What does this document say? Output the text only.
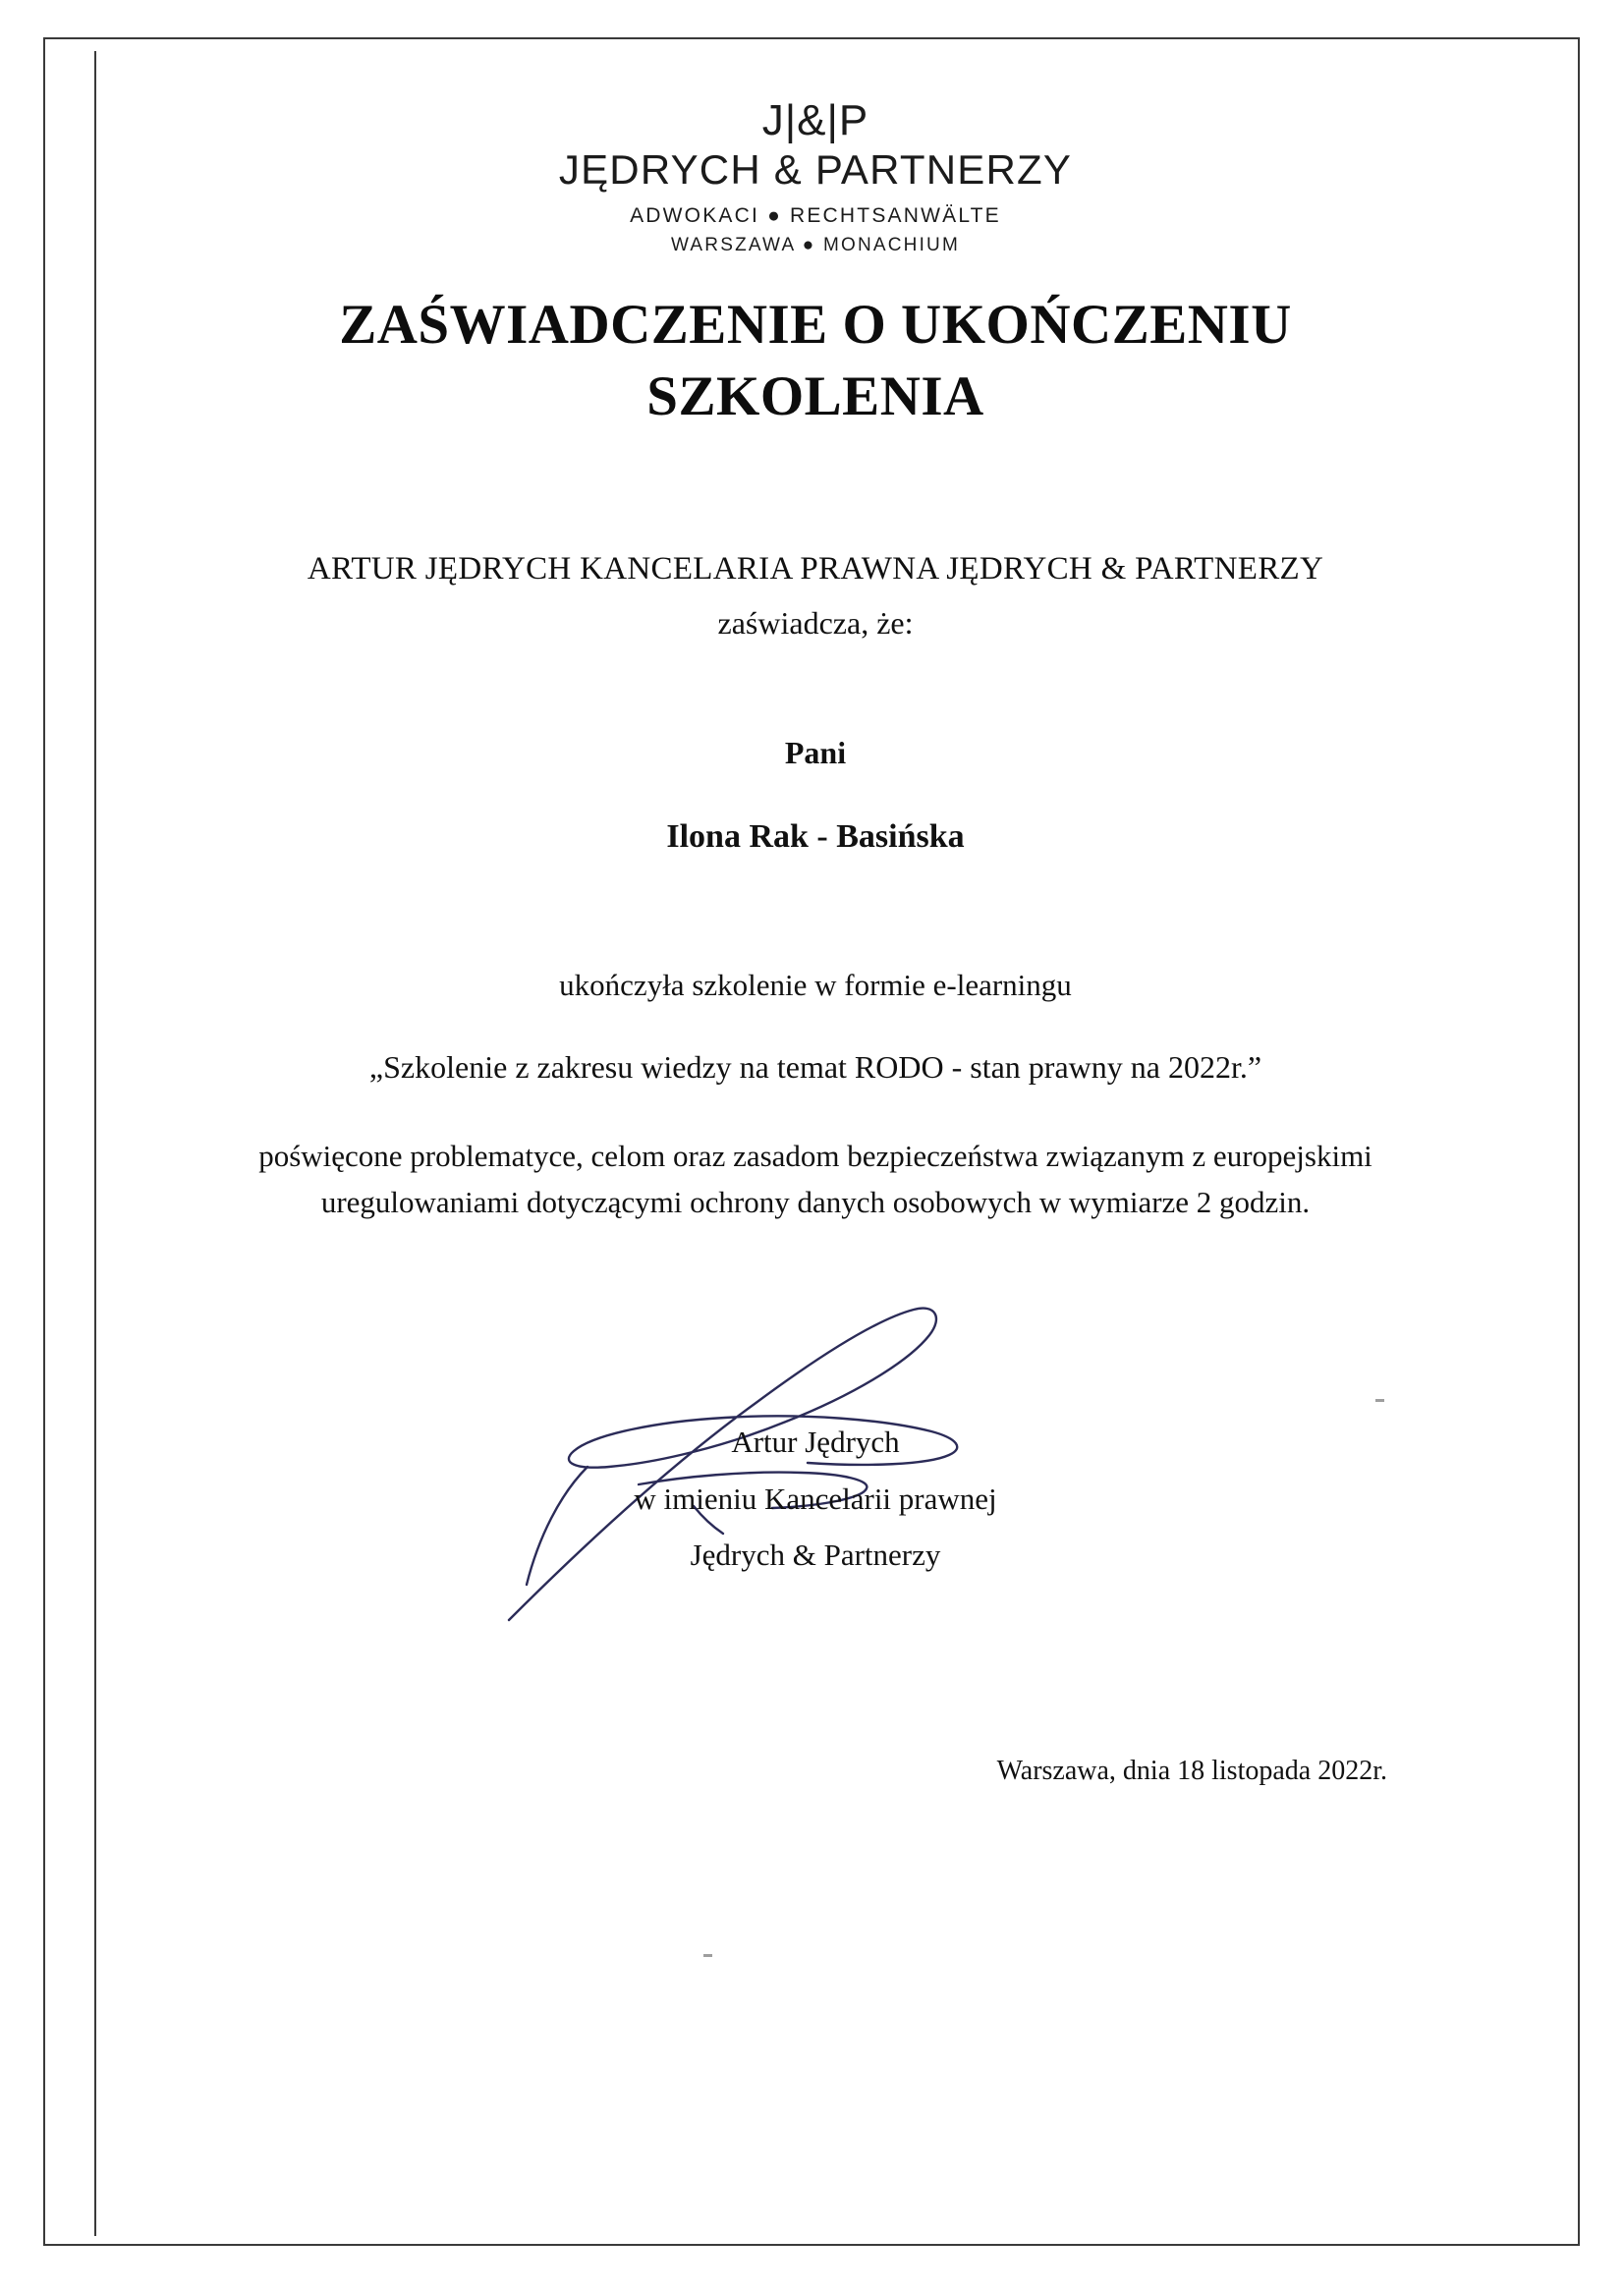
J|&|P
JĘDRYCH & PARTNERZY
ADWOKACI ● RECHTSANWÄLTE
WARSZAWA ● MONACHIUM
ZAŚWIADCZENIE O UKOŃCZENIU
SZKOLENIA
ARTUR JĘDRYCH KANCELARIA PRAWNA JĘDRYCH & PARTNERZY
zaświadcza, że:
Pani
Ilona Rak - Basińska
ukończyła szkolenie w formie e-learningu
„Szkolenie z zakresu wiedzy na temat RODO - stan prawny na 2022r.”
poświęcone problematyce, celom oraz zasadom bezpieczeństwa związanym z europejskimi uregulowaniami dotyczącymi ochrony danych osobowych w wymiarze 2 godzin.
Artur Jędrych
w imieniu Kancelarii prawnej
Jędrych & Partnerzy
Warszawa, dnia 18 listopada 2022r.
